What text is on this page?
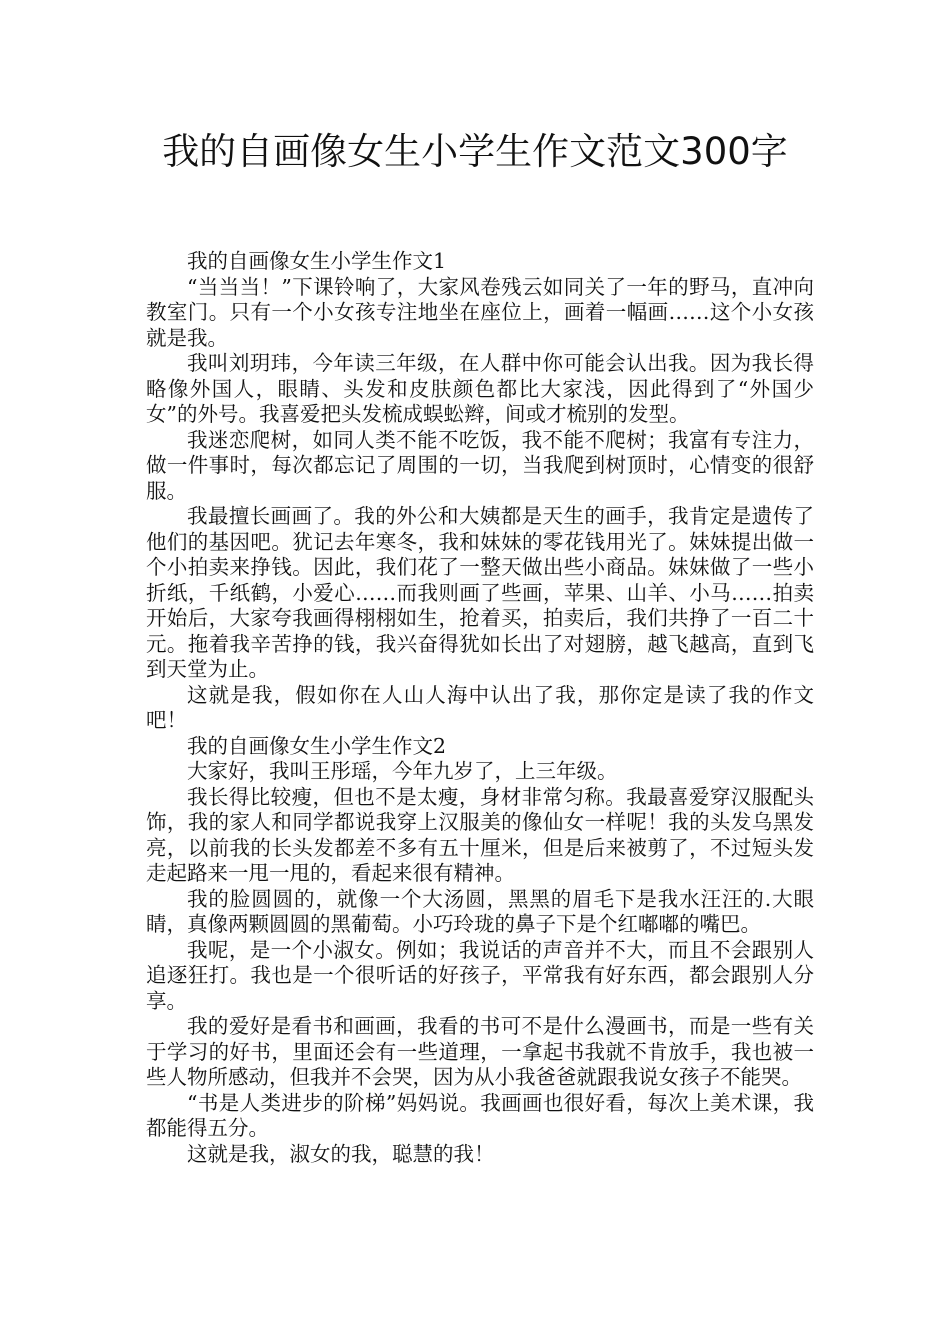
我的自画像女生小学生作文范文300字

我的自画像女生小学生作文1

“当当当！”下课铃响了，大家风卷残云如同关了一年的野马，直冲向教室门。只有一个小女孩专注地坐在座位上，画着一幅画……这个小女孩就是我。

我叫刘玥玮，今年读三年级，在人群中你可能会认出我。因为我长得略像外国人，眼睛、头发和皮肤颜色都比大家浅，因此得到了“外国少女”的外号。我喜爱把头发梳成蜈蚣辫，间或才梳别的发型。

我迷恋爬树，如同人类不能不吃饭，我不能不爬树；我富有专注力，做一件事时，每次都忘记了周围的一切，当我爬到树顶时，心情变的很舒服。

我最擅长画画了。我的外公和大姨都是天生的画手，我肯定是遗传了他们的基因吧。犹记去年寒冬，我和妹妹的零花钱用光了。妹妹提出做一个小拍卖来挣钱。因此，我们花了一整天做出些小商品。妹妹做了一些小折纸，千纸鹤，小爱心……而我则画了些画，苹果、山羊、小马……拍卖开始后，大家夸我画得栩栩如生，抢着买，拍卖后，我们共挣了一百二十元。拖着我辛苦挣的钱，我兴奋得犹如长出了对翅膀，越飞越高，直到飞到天堂为止。

这就是我，假如你在人山人海中认出了我，那你定是读了我的作文吧！

我的自画像女生小学生作文2

大家好，我叫王彤瑶，今年九岁了，上三年级。

我长得比较瘦，但也不是太瘦，身材非常匀称。我最喜爱穿汉服配头饰，我的家人和同学都说我穿上汉服美的像仙女一样呢！我的头发乌黑发亮，以前我的长头发都差不多有五十厘米，但是后来被剪了，不过短头发走起路来一甩一甩的，看起来很有精神。

我的脸圆圆的，就像一个大汤圆，黑黑的眉毛下是我水汪汪的.大眼睛，真像两颗圆圆的黑葡萄。小巧玲珑的鼻子下是个红嘟嘟的嘴巴。

我呢，是一个小淑女。例如；我说话的声音并不大，而且不会跟别人追逐狂打。我也是一个很听话的好孩子，平常我有好东西，都会跟别人分享。

我的爱好是看书和画画，我看的书可不是什么漫画书，而是一些有关于学习的好书，里面还会有一些道理，一拿起书我就不肯放手，我也被一些人物所感动，但我并不会哭，因为从小我爸爸就跟我说女孩子不能哭。

“书是人类进步的阶梯”妈妈说。我画画也很好看，每次上美术课，我都能得五分。

这就是我，淑女的我，聪慧的我！
